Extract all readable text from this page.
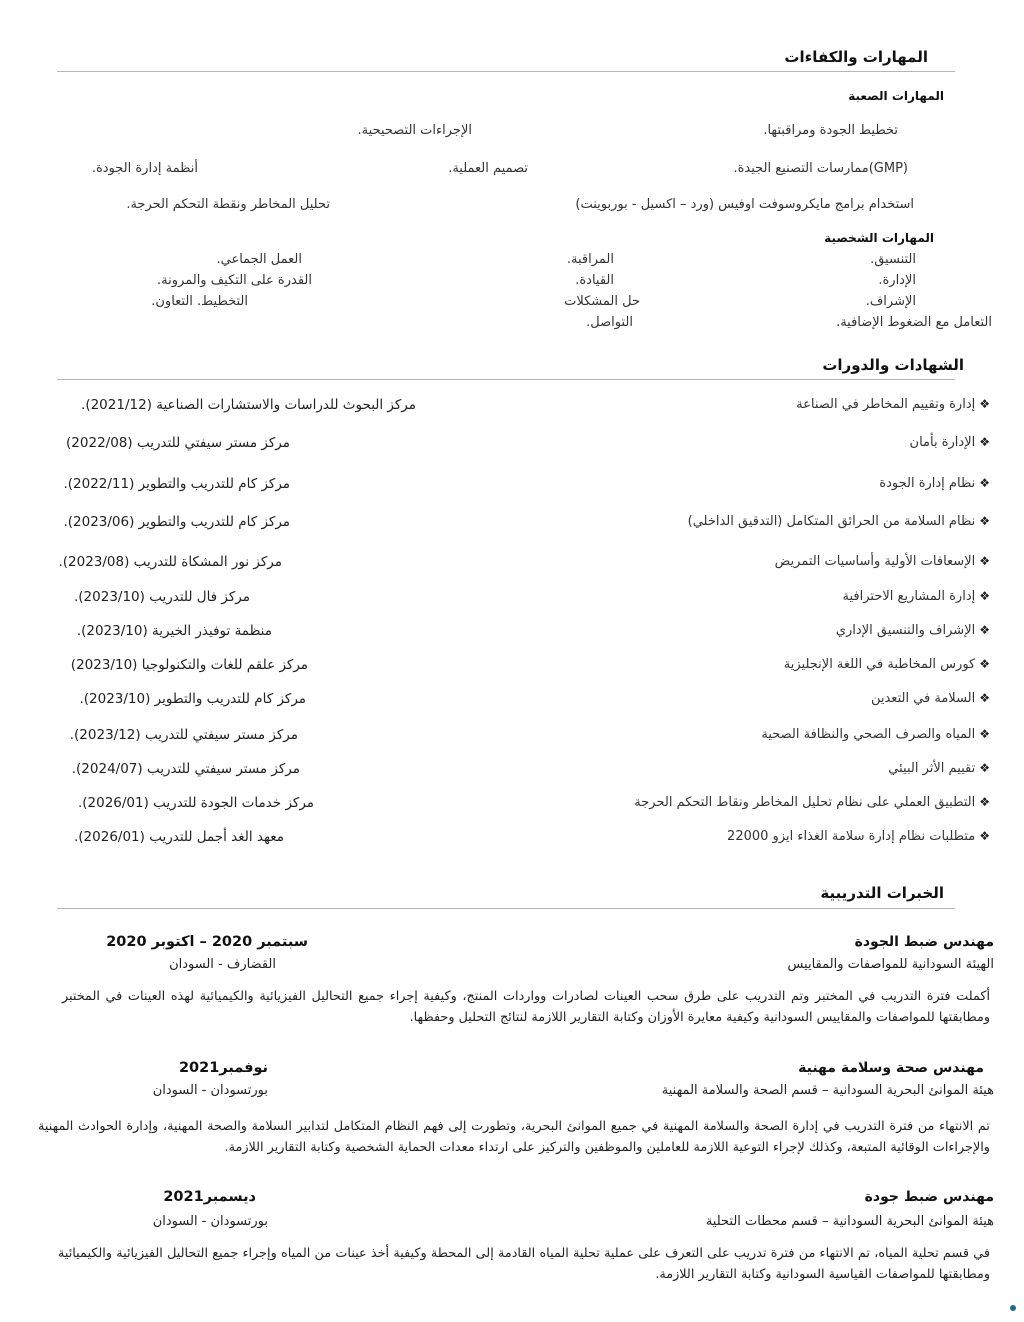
المهارات والكفاءات
المهارات الصعبة
تخطيط الجودة ومراقبتها.
الإجراءات التصحيحية.
(GMP)ممارسات التصنيع الجيدة.
تصميم العملية.
أنظمة إدارة الجودة.
استخدام برامج مايكروسوفت اوفيس (ورد – اكسيل - بوربوينت)
تحليل المخاطر ونقطة التحكم الحرجة.
المهارات الشخصية
التنسيق.
الإدارة.
الإشراف.
التعامل مع الضغوط الإضافية.
المراقبة.
القيادة.
حل المشكلات
التواصل.
العمل الجماعي.
القدرة على التكيف والمرونة.
التخطيط. التعاون.
الشهادات والدورات
❖إدارة وتقييم المخاطر في الصناعة
مركز البحوث للدراسات والاستشارات الصناعية (2021/12).
❖الإدارة بأمان
مركز مستر سيفتي للتدريب (2022/08)
❖نظام إدارة الجودة
مركز كام للتدريب والتطوير (2022/11).
❖نظام السلامة من الحرائق المتكامل (التدقيق الداخلي)
مركز كام للتدريب والتطوير (2023/06).
❖الإسعافات الأولية وأساسيات التمريض
مركز نور المشكاة للتدريب (2023/08).
❖إدارة المشاريع الاحترافية
مركز فال للتدريب (2023/10).
❖الإشراف والتنسيق الإداري
منظمة توفيذر الخيرية (2023/10).
❖كورس المخاطبة في اللغة الإنجليزية
مركز علقم للغات والتكنولوجيا (2023/10)
❖السلامة في التعدين
مركز كام للتدريب والتطوير (2023/10).
❖المياه والصرف الصحي والنظافة الصحية
مركز مستر سيفتي للتدريب (2023/12).
❖تقييم الأثر البيئي
مركز مستر سيفتي للتدريب (2024/07).
❖التطبيق العملي على نظام تحليل المخاطر ونقاط التحكم الحرجة
مركز خدمات الجودة للتدريب (2026/01).
❖متطلبات نظام إدارة سلامة الغذاء ايزو 22000
معهد الغد أجمل للتدريب (2026/01).
الخبرات التدريبية
مهندس ضبط الجودة
سبتمبر 2020 – اكتوبر 2020
الهيئة السودانية للمواصفات والمقاييس
القضارف - السودان
أكملت فترة التدريب في المختبر وتم التدريب على طرق سحب العينات لصادرات وواردات المنتج، وكيفية إجراء جميع التحاليل الفيزيائية والكيميائية لهذه العينات في المختبر ومطابقتها للمواصفات والمقاييس السودانية وكيفية معايرة الأوزان وكتابة التقارير اللازمة لنتائج التحليل وحفظها.
مهندس صحة وسلامة مهنية
نوفمبر2021
هيئة الموانئ البحرية السودانية – قسم الصحة والسلامة المهنية
بورتسودان - السودان
تم الانتهاء من فترة التدريب في إدارة الصحة والسلامة المهنية في جميع الموانئ البحرية، وتطورت إلى فهم النظام المتكامل لتدابير السلامة والصحة المهنية، وإدارة الحوادث المهنية والإجراءات الوقائية المتبعة، وكذلك لإجراء التوعية اللازمة للعاملين والموظفين والتركيز على ارتداء معدات الحماية الشخصية وكتابة التقارير اللازمة.
مهندس ضبط جودة
ديسمبر2021
هيئة الموانئ البحرية السودانية – قسم محطات التحلية
بورتسودان - السودان
في قسم تحلية المياه، تم الانتهاء من فترة تدريب على التعرف على عملية تحلية المياه القادمة إلى المحطة وكيفية أخذ عينات من المياه وإجراء جميع التحاليل الفيزيائية والكيميائية ومطابقتها للمواصفات القياسية السودانية وكتابة التقارير اللازمة.
